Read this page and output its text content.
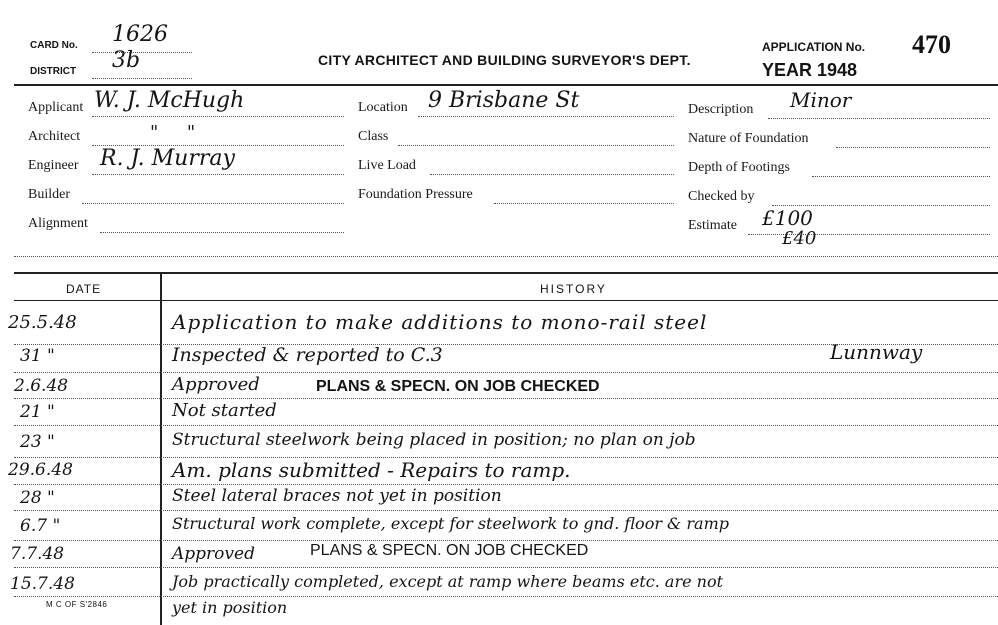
CARD No. 1626
DISTRICT 3b	CITY ARCHITECT AND BUILDING SURVEYOR'S DEPT.
APPLICATION No. 470
YEAR 1948
Applicant W. J. McHugh
Architect	"     "
Engineer R. J. Murray
Builder
Alignment
Location 9 Brisbane St
Class
Live Load
Foundation Pressure
Description Minor
Nature of Foundation
Depth of Footings
Checked by
Estimate £100
£40
DATE	HISTORY
25.5.48	Application to make additions to mono-rail steel
31 "	Inspected & reported to C.3	Lunnway
2.6.48	Approved	PLANS & SPECN. ON JOB CHECKED
21 "	Not started
23 "	Structural steelwork being placed in position; no plan on job
29.6.48	Am. plans submitted - Repairs to ramp.
28 "	Steel lateral braces not yet in position
6.7 "	Structural work complete, except for steelwork to gnd. floor & ramp
7.7.48	Approved	PLANS & SPECN. ON JOB CHECKED
15.7.48	Job practically completed, except at ramp where beams etc. are not
yet in position
M C OF S'2846
